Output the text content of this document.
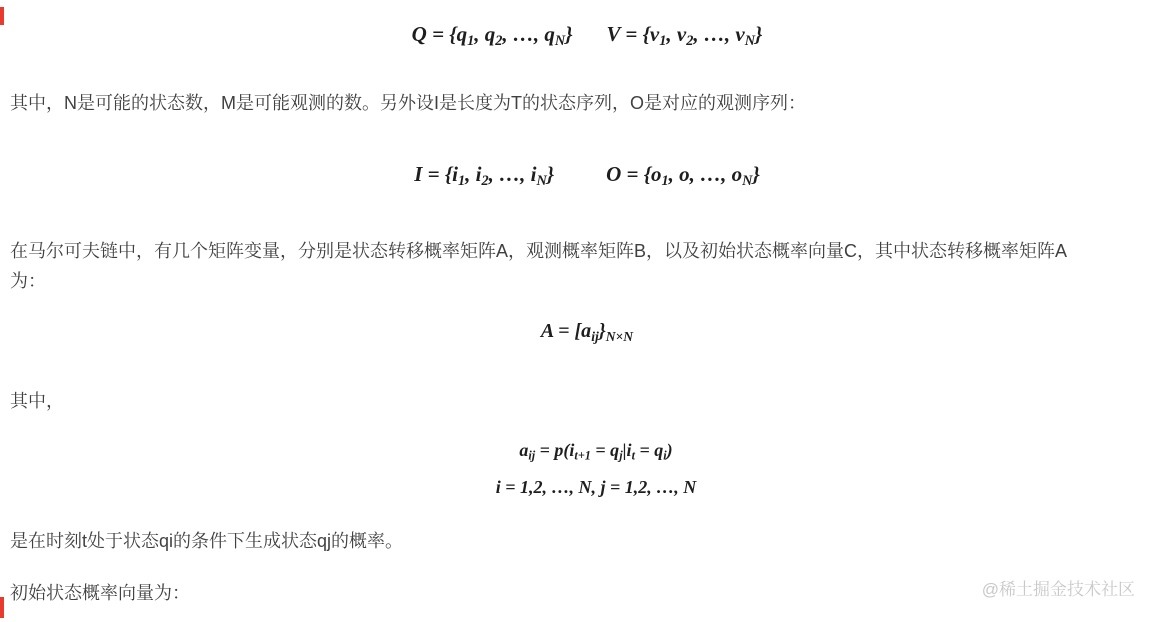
$Q = \{q_1$, $q_2$, …, $q_N$} $V = \{v_1$, $v_2$, …, $v_N$}

其中，N是可能的状态数，M是可能观测的数。另外设I是长度为T的状态序列，O是对应的观测序列：

$I = \{i_1$, $i_2$, …, $i_N$} $O = \{o_1$, o, …, $o_N$}
在马尔可夫链中，有几个矩阵变量，分别是状态转移概率矩阵A，观测概率矩阵B，以及初始状态概率向量C，其中状态转移概率矩阵A
为：
$A = [a_{ij}\}_{N\times N}$

其中，

$a_{ij} = p(i_{t+1} = q_j|i_t = q_i)$
i = 1,2, …, N, j = 1,2, …, N

是在时刻t处于状态qi的条件下生成状态qj的概率。

初始状态概率向量为：	@稀土掘金技术社区
